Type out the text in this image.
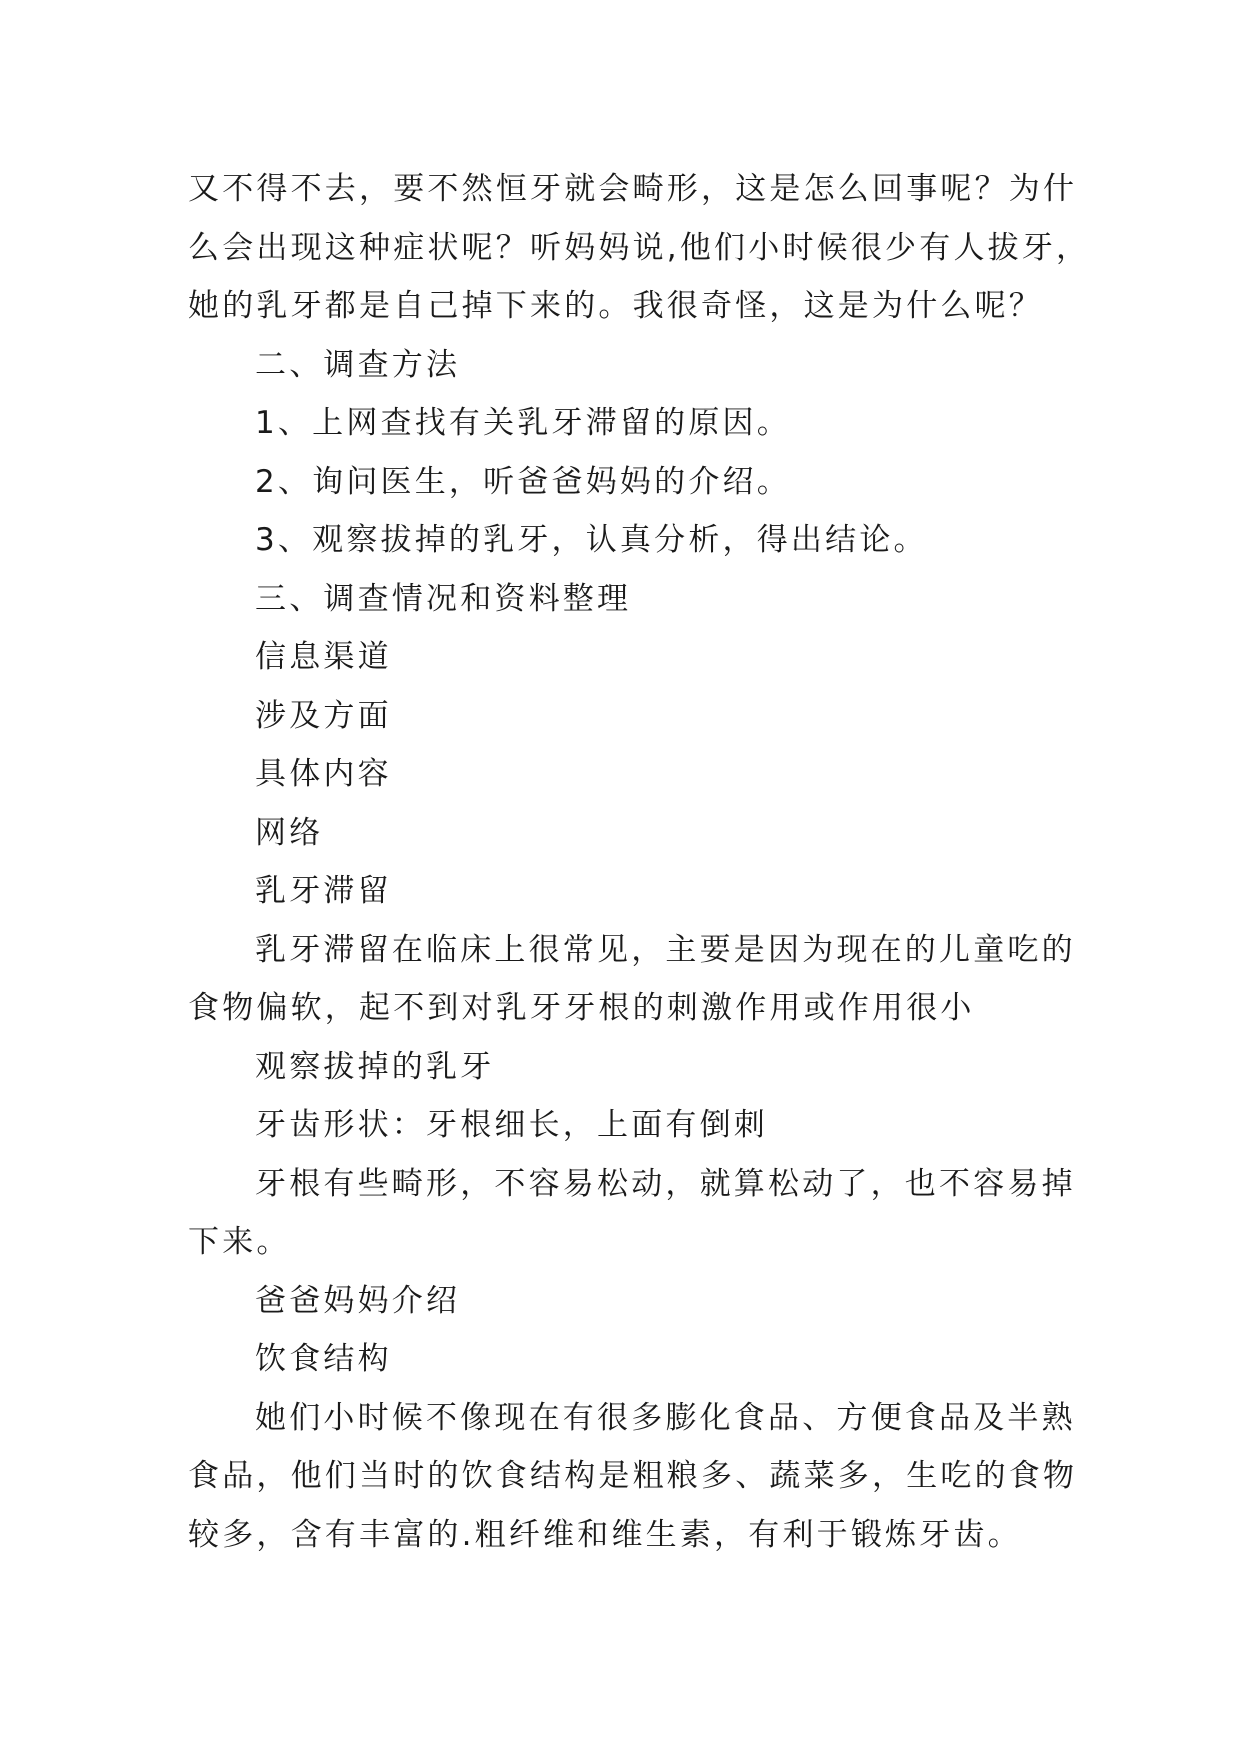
又不得不去，要不然恒牙就会畸形，这是怎么回事呢？为什
么会出现这种症状呢？听妈妈说,他们小时候很少有人拔牙，
她的乳牙都是自己掉下来的。我很奇怪，这是为什么呢？
二、调查方法
1、上网查找有关乳牙滞留的原因。
2、询问医生，听爸爸妈妈的介绍。
3、观察拔掉的乳牙，认真分析，得出结论。
三、调查情况和资料整理
信息渠道
涉及方面
具体内容
网络
乳牙滞留
乳牙滞留在临床上很常见，主要是因为现在的儿童吃的
食物偏软，起不到对乳牙牙根的刺激作用或作用很小
观察拔掉的乳牙
牙齿形状：牙根细长，上面有倒刺
牙根有些畸形，不容易松动，就算松动了，也不容易掉
下来。
爸爸妈妈介绍
饮食结构
她们小时候不像现在有很多膨化食品、方便食品及半熟
食品，他们当时的饮食结构是粗粮多、蔬菜多，生吃的食物
较多，含有丰富的.粗纤维和维生素，有利于锻炼牙齿。
